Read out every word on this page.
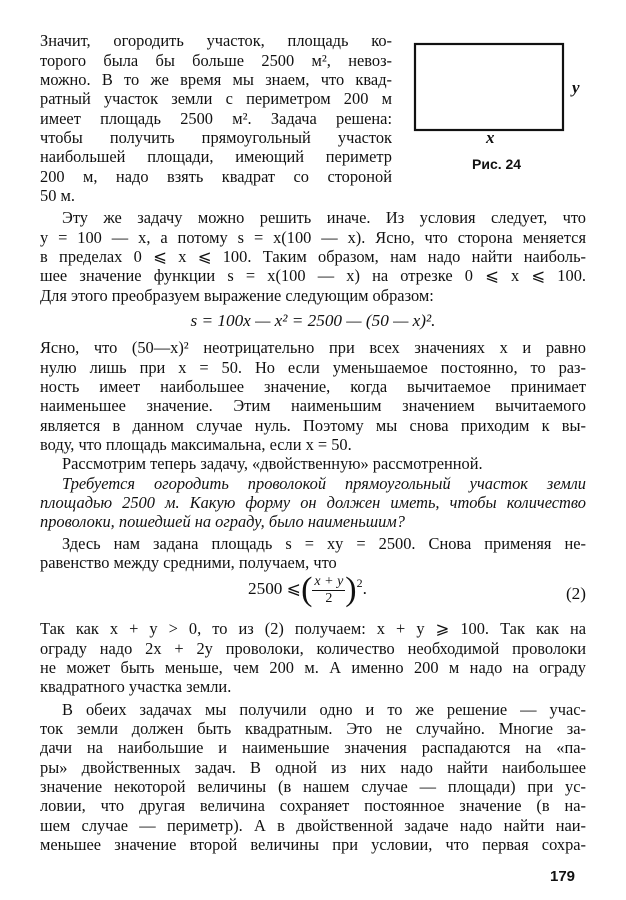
y
x
Рис. 24
Значит, огородить участок, площадь ко-
торого была бы больше 2500 м², невоз-
можно. В то же время мы знаем, что квад-
ратный участок земли с периметром 200 м
имеет площадь 2500 м². Задача решена:
чтобы получить прямоугольный участок
наибольшей площади, имеющий периметр
200 м, надо взять квадрат со стороной
50 м.
Эту же задачу можно решить иначе. Из условия следует, что
y = 100 — x, а потому s = x(100 — x). Ясно, что сторона меняется
в пределах 0 ⩽ x ⩽ 100. Таким образом, нам надо найти наиболь-
шее значение функции s = x(100 — x) на отрезке 0 ⩽ x ⩽ 100.
Для этого преобразуем выражение следующим образом:
s = 100x — x² = 2500 — (50 — x)².
Ясно, что (50—x)² неотрицательно при всех значениях x и равно
нулю лишь при x = 50. Но если уменьшаемое постоянно, то раз-
ность имеет наибольшее значение, когда вычитаемое принимает
наименьшее значение. Этим наименьшим значением вычитаемого
является в данном случае нуль. Поэтому мы снова приходим к вы-
воду, что площадь максимальна, если x = 50.
Рассмотрим теперь задачу, «двойственную» рассмотренной.
Требуется огородить проволокой прямоугольный участок земли
площадью 2500 м. Какую форму он должен иметь, чтобы количество
проволоки, пошедшей на ограду, было наименьшим?
Здесь нам задана площадь s = xy = 2500. Снова применяя не-
равенство между средними, получаем, что
2500 ⩽( $\frac{x + y}{2} )^2$.	(2)
Так как x + y > 0, то из (2) получаем: x + y ⩾ 100. Так как на
ограду надо 2x + 2y проволоки, количество необходимой проволоки
не может быть меньше, чем 200 м. А именно 200 м надо на ограду
квадратного участка земли.
В обеих задачах мы получили одно и то же решение — учас-
ток земли должен быть квадратным. Это не случайно. Многие за-
дачи на наибольшие и наименьшие значения распадаются на «па-
ры» двойственных задач. В одной из них надо найти наибольшее
значение некоторой величины (в нашем случае — площади) при ус-
ловии, что другая величина сохраняет постоянное значение (в на-
шем случае — периметр). А в двойственной задаче надо найти наи-
меньшее значение второй величины при условии, что первая сохра-
179
